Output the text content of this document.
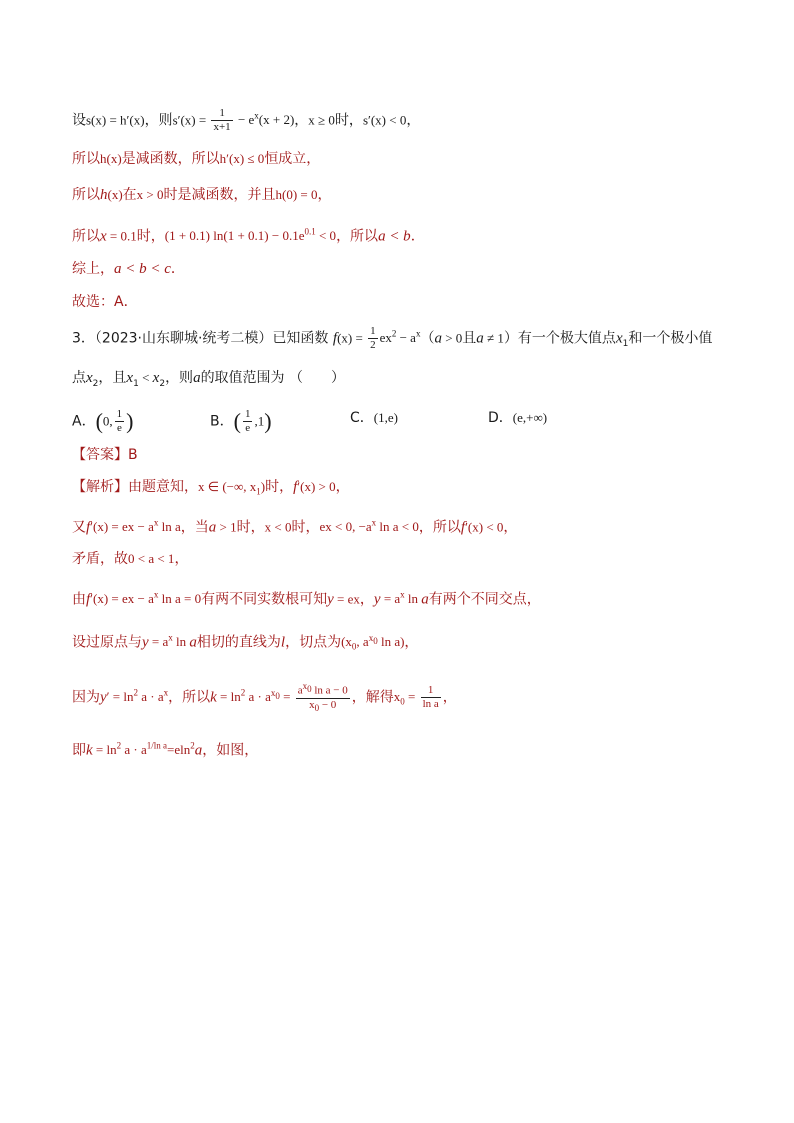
设s(x) = h′(x)，则$s'(x) = \frac{1}{x+1} - e^x(x + 2)$，x ≥ 0时，s′(x) < 0，
所以h(x)是减函数，所以h′(x) ≤ 0恒成立，
所以h(x)在x > 0时是减函数，并且h(0) = 0，
所以x = 0.1时，(1 + 0.1) $\ln(1 + 0.1) - 0.1e^{0.1} < 0$，所以a < b．
综上，a < b < c．
故选：A．
3．（2023·山东聊城·统考二模）已知函数 $f(x) = \frac{1}{2} ex^2 - a^x(a > 0$且a ≠ 1）有一个极大值点$x_1$和一个极小值
点$x_2$，且$x_1 < x_2$，则a的取值范围为 （　　）
A．(0, $\frac{1}{e}$ )	B．( $\frac{1}{e} ,1$)	C．(1,e)	D．(e,+∞)
【答案】B
【解析】由题意知，x ∈ (−∞, $x_1$)时，f′(x) > 0，
又f′(x) = ex − $a^x$ ln a，当a > 1时，x < 0时，ex < 0, $-a^x$ ln a < 0，所以f′(x) < 0，
矛盾，故0 < a < 1，
由f′(x) = ex − $a^x$ ln a = 0有两不同实数根可知y = ex，$y = a^x$ ln a有两个不同交点，
设过原点与$y = a^x$ ln a相切的直线为l，切点为($x_0$, $a^{x_0}$ ln a)，
因为$y' = \ln^2 a \cdot a^x$，所以$k = \ln^2 a \cdot a^{x_0} = \frac{a^{x_0} \ln a - 0}{x_0 - 0}$ ，解得$x_0 = \frac{1}{\text{ln a}}$ ，
即$k = \ln^2 a \cdot a^{1/ln a}=eln^2a$，如图，
